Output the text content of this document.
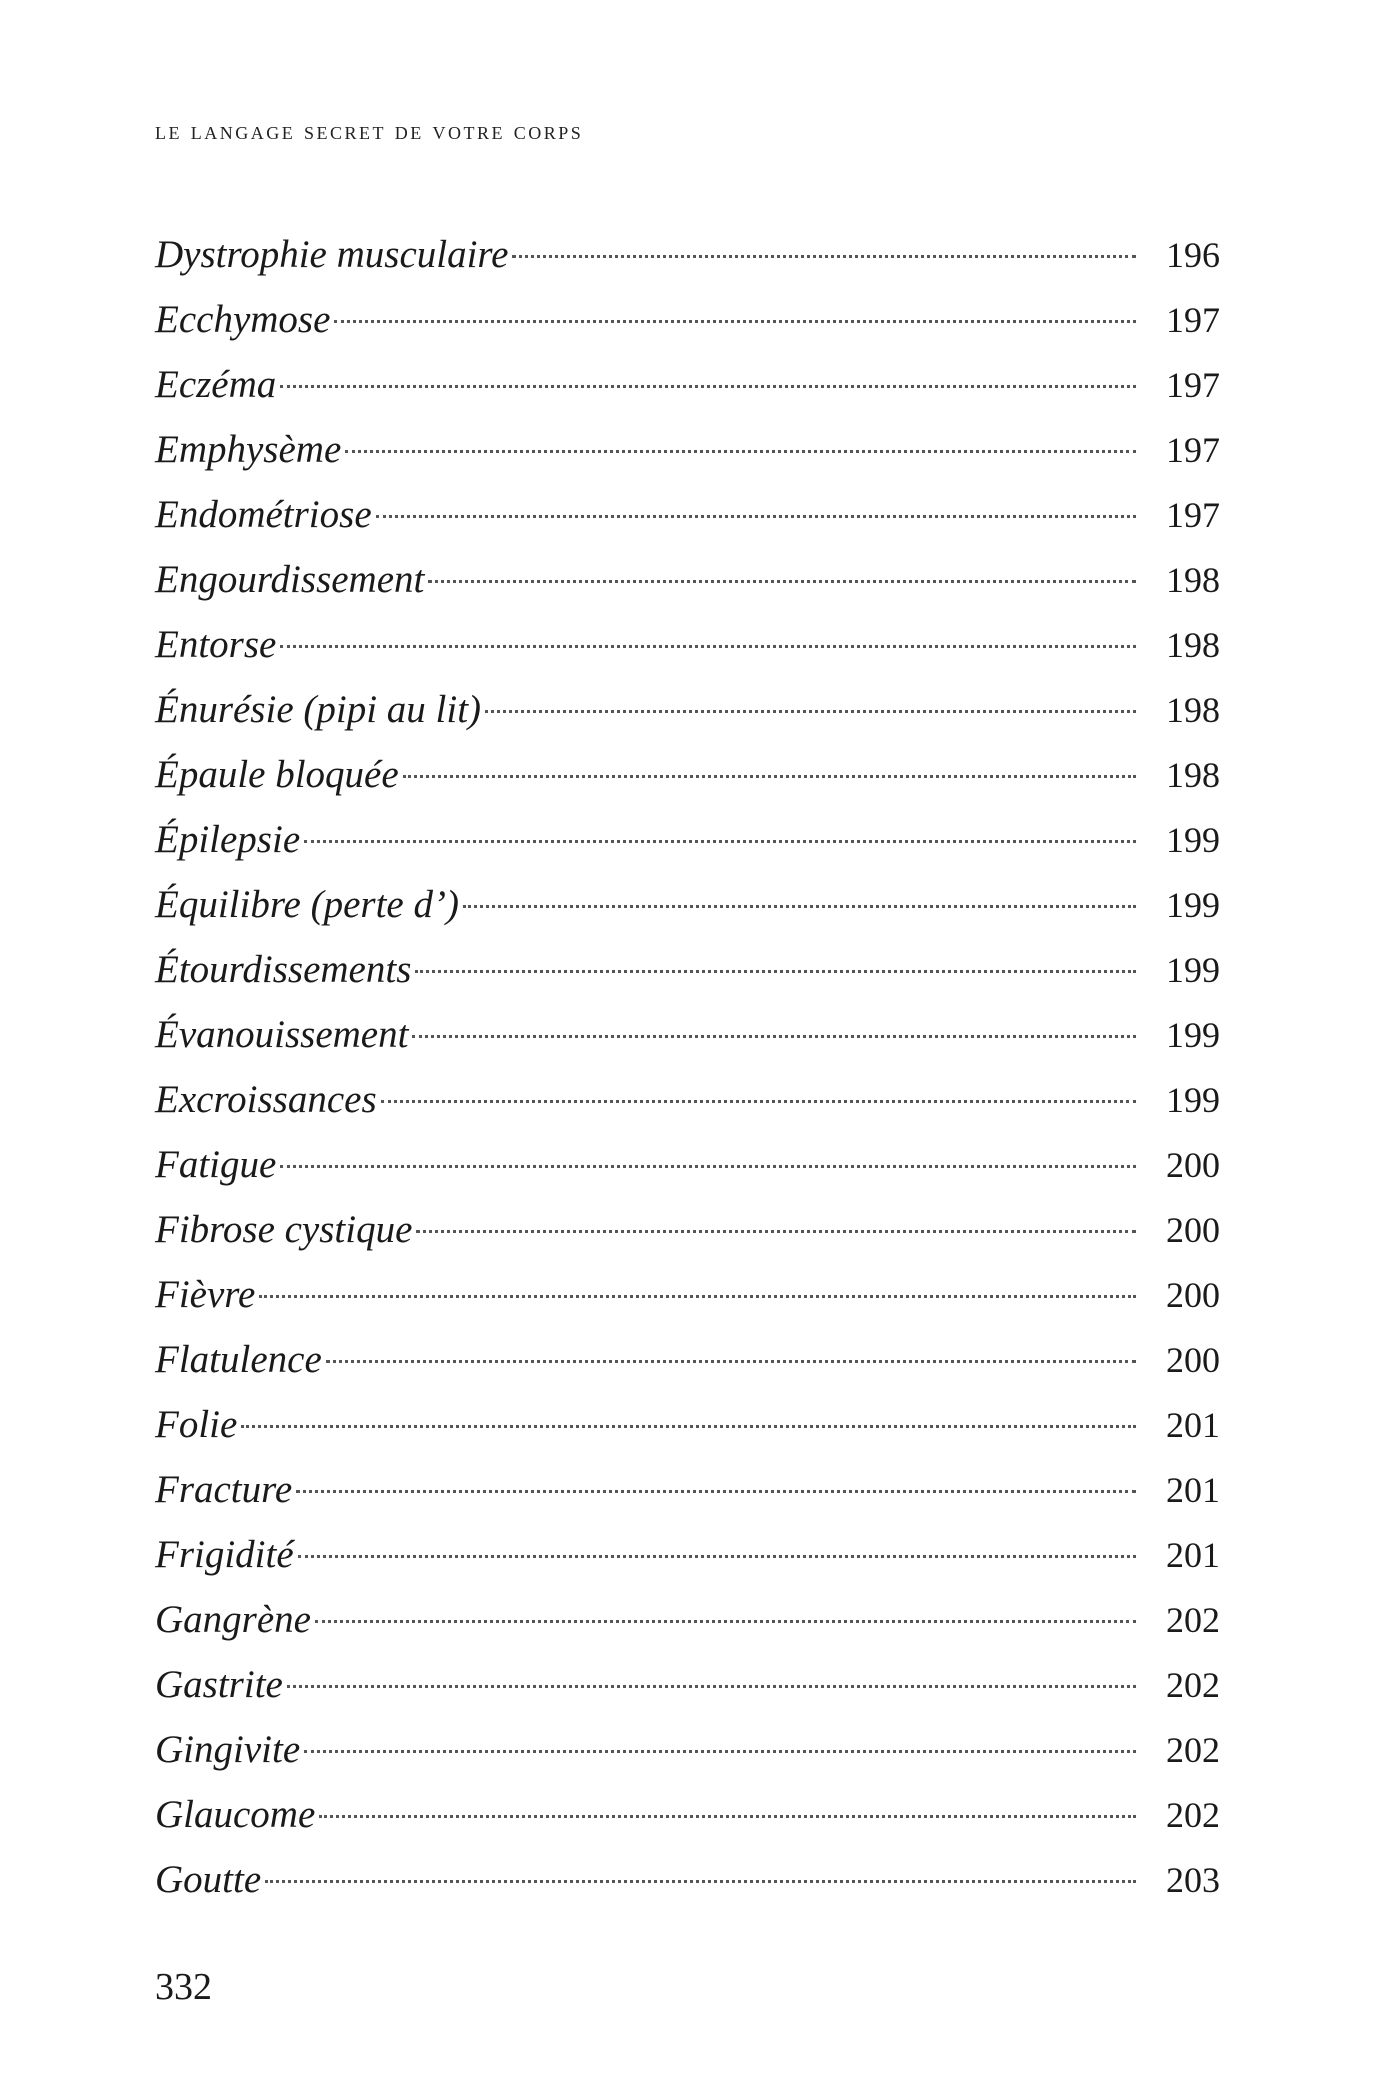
le langage secret de votre corps
Dystrophie musculaire	196
Ecchymose	197
Eczéma	197
Emphysème	197
Endométriose	197
Engourdissement	198
Entorse	198
Énurésie (pipi au lit)	198
Épaule bloquée	198
Épilepsie	199
Équilibre (perte d’)	199
Étourdissements	199
Évanouissement	199
Excroissances	199
Fatigue	200
Fibrose cystique	200
Fièvre	200
Flatulence	200
Folie	201
Fracture	201
Frigidité	201
Gangrène	202
Gastrite	202
Gingivite	202
Glaucome	202
Goutte	203
332
